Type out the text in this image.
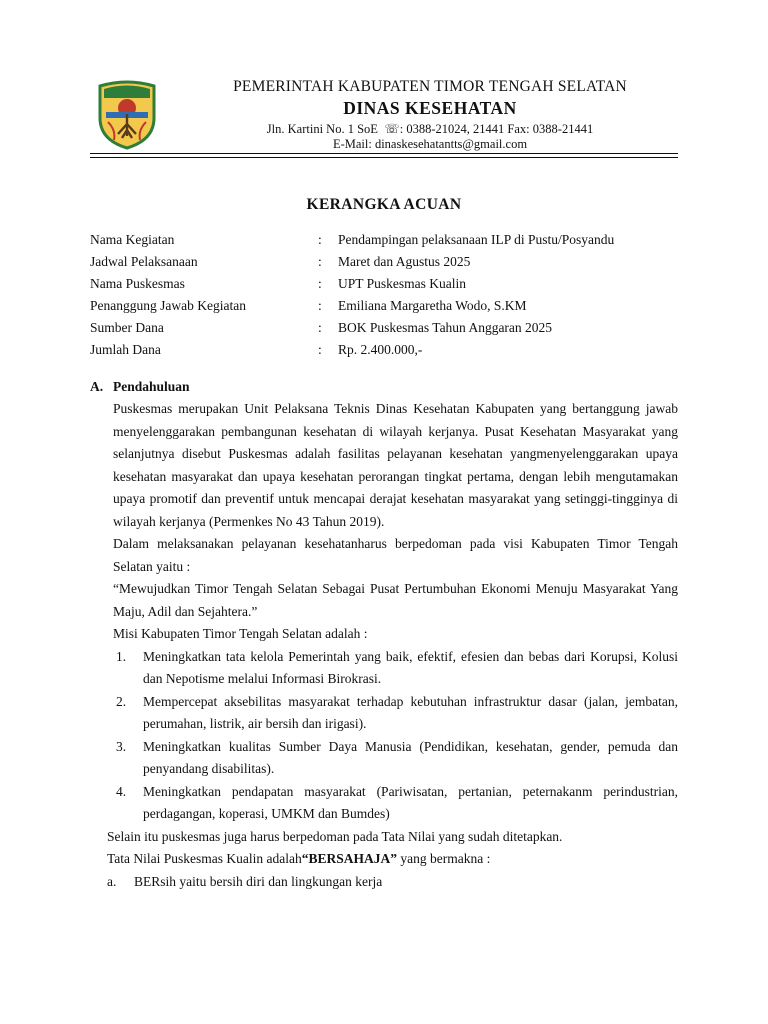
PEMERINTAH KABUPATEN TIMOR TENGAH SELATAN
DINAS KESEHATAN
Jln. Kartini No. 1 SoE  ☏: 0388-21024, 21441 Fax: 0388-21441
E-Mail: dinaskesehatantts@gmail.com
KERANGKA ACUAN
Nama Kegiatan	: Pendampingan pelaksanaan ILP di Pustu/Posyandu
Jadwal Pelaksanaan	: Maret dan Agustus 2025
Nama Puskesmas	: UPT Puskesmas Kualin
Penanggung Jawab Kegiatan	: Emiliana Margaretha Wodo, S.KM
Sumber Dana	: BOK Puskesmas Tahun Anggaran 2025
Jumlah Dana	: Rp. 2.400.000,-
A. Pendahuluan

Puskesmas merupakan Unit Pelaksana Teknis Dinas Kesehatan Kabupaten yang bertanggung jawab menyelenggarakan pembangunan kesehatan di wilayah kerjanya. Pusat Kesehatan Masyarakat yang selanjutnya disebut Puskesmas adalah fasilitas pelayanan kesehatan yangmenyelenggarakan upaya kesehatan masyarakat dan upaya kesehatan perorangan tingkat pertama, dengan lebih mengutamakan upaya promotif dan preventif untuk mencapai derajat kesehatan masyarakat yang setinggi-tingginya di wilayah kerjanya (Permenkes No 43 Tahun 2019).

Dalam melaksanakan pelayanan kesehatanharus berpedoman pada visi Kabupaten Timor Tengah Selatan yaitu :

“Mewujudkan Timor Tengah Selatan Sebagai Pusat Pertumbuhan Ekonomi Menuju Masyarakat Yang Maju, Adil dan Sejahtera.”

Misi Kabupaten Timor Tengah Selatan adalah :

1. Meningkatkan tata kelola Pemerintah yang baik, efektif, efesien dan bebas dari Korupsi, Kolusi dan Nepotisme melalui Informasi Birokrasi.
2. Mempercepat aksebilitas masyarakat terhadap kebutuhan infrastruktur dasar (jalan, jembatan, perumahan, listrik, air bersih dan irigasi).
3. Meningkatkan kualitas Sumber Daya Manusia (Pendidikan, kesehatan, gender, pemuda dan penyandang disabilitas).
4. Meningkatkan pendapatan masyarakat (Pariwisatan, pertanian, peternakanm perindustrian, perdagangan, koperasi, UMKM dan Bumdes)

Selain itu puskesmas juga harus berpedoman pada Tata Nilai yang sudah ditetapkan.

Tata Nilai Puskesmas Kualin adalah“BERSAHAJA” yang bermakna :

a. BERsih yaitu bersih diri dan lingkungan kerja
